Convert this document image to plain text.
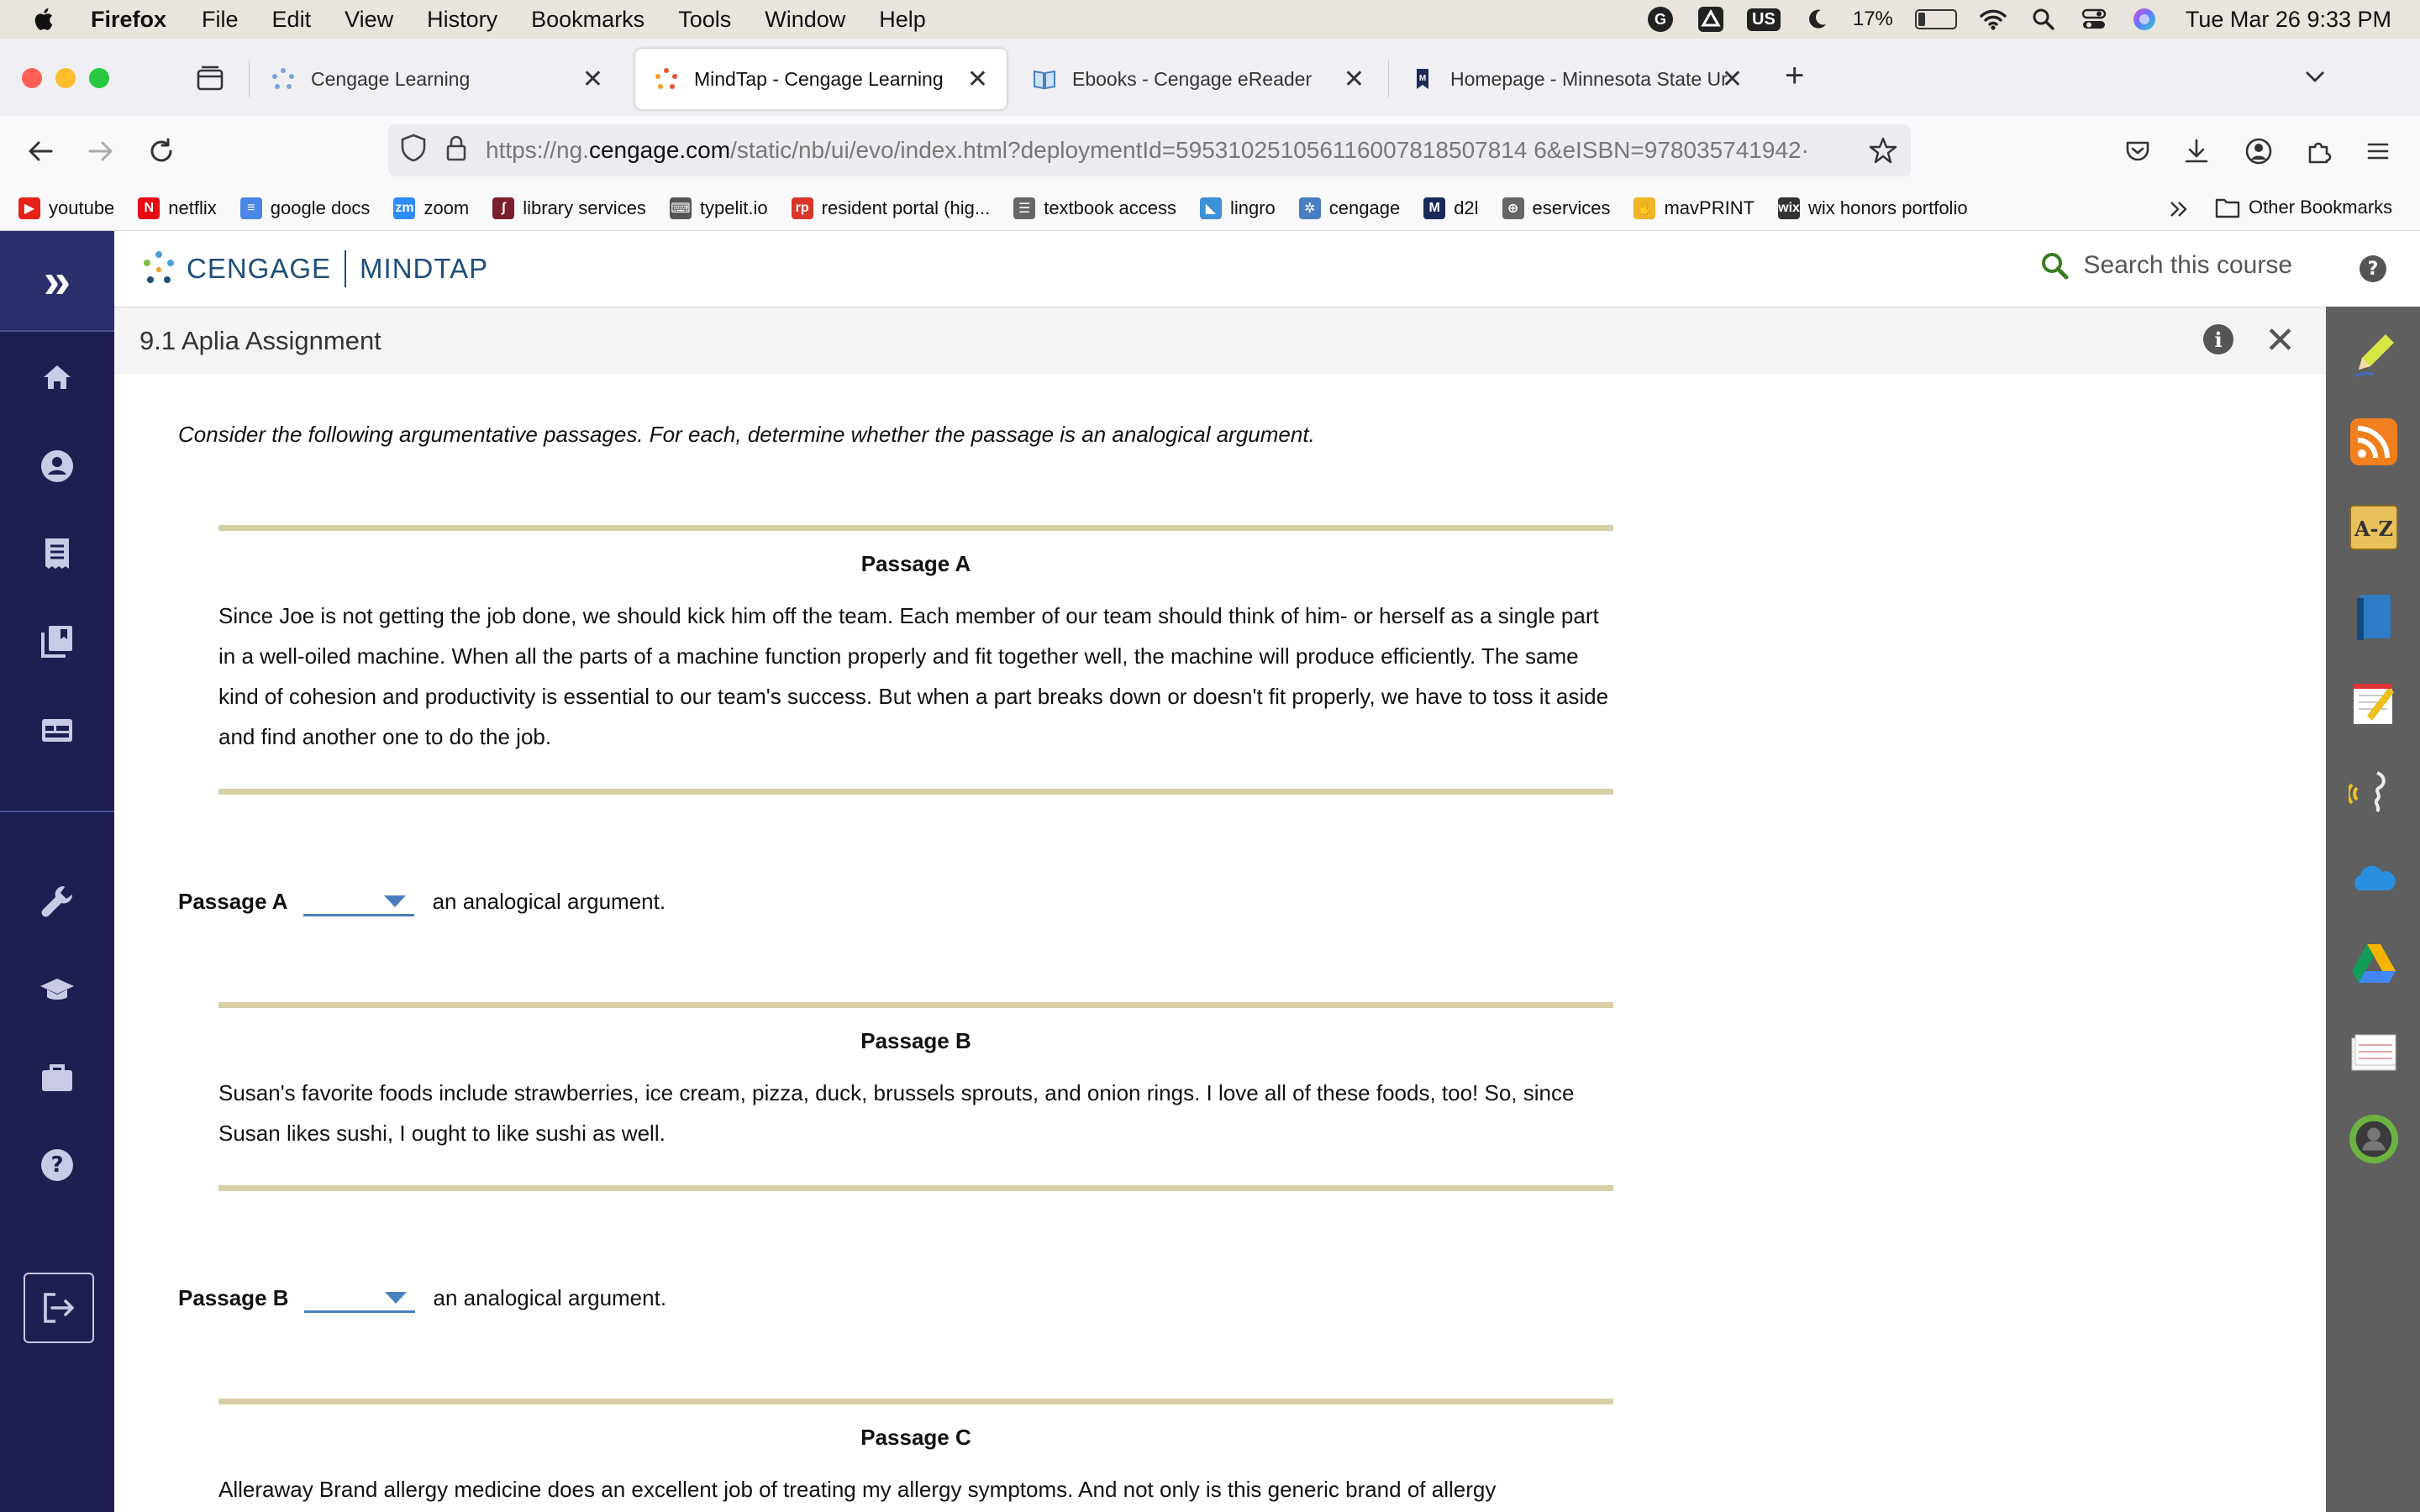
Firefox File Edit View History Bookmarks Tools Window Help	G	US	17%	Tue Mar 26 9:33 PM
Cengage Learning	✕	MindTap - Cengage Learning ✕	Ebooks - Cengage eReader ✕	M Homepage - Minnesota State Ur
✕ +
https://ng.cengage.com/static/nb/ui/evo/index.html?deploymentId=595310251056116007818507814 6&eISBN=978035741942·
▶ youtube	N netflix	≡ google docs zm zoom	ʃ library services ⌨ typelit.io	rp resident portal (hig...	☰ textbook access	◣ lingro	✲ cengage	M d2l	⊕ eservices ✋ mavPRINT wix wix honors portfolio	Other Bookmarks
»
?
CENGAGE MINDTAP	Search this course
9.1 Aplia Assignment	i	✕
?
A-Z
Consider the following argumentative passages. For each, determine whether the passage is an analogical argument.
Passage A

Since Joe is not getting the job done, we should kick him off the team. Each member of our team should think of him- or herself as a single part in a well-oiled machine. When all the parts of a machine function properly and fit together well, the machine will produce efficiently. The same kind of cohesion and productivity is essential to our team's success. But when a part breaks down or doesn't fit properly, we have to toss it aside and find another one to do the job.

Passage A	an analogical argument.
Passage B

Susan's favorite foods include strawberries, ice cream, pizza, duck, brussels sprouts, and onion rings. I love all of these foods, too! So, since Susan likes sushi, I ought to like sushi as well.

Passage B	an analogical argument.
Passage C

Alleraway Brand allergy medicine does an excellent job of treating my allergy symptoms. And not only is this generic brand of allergy
